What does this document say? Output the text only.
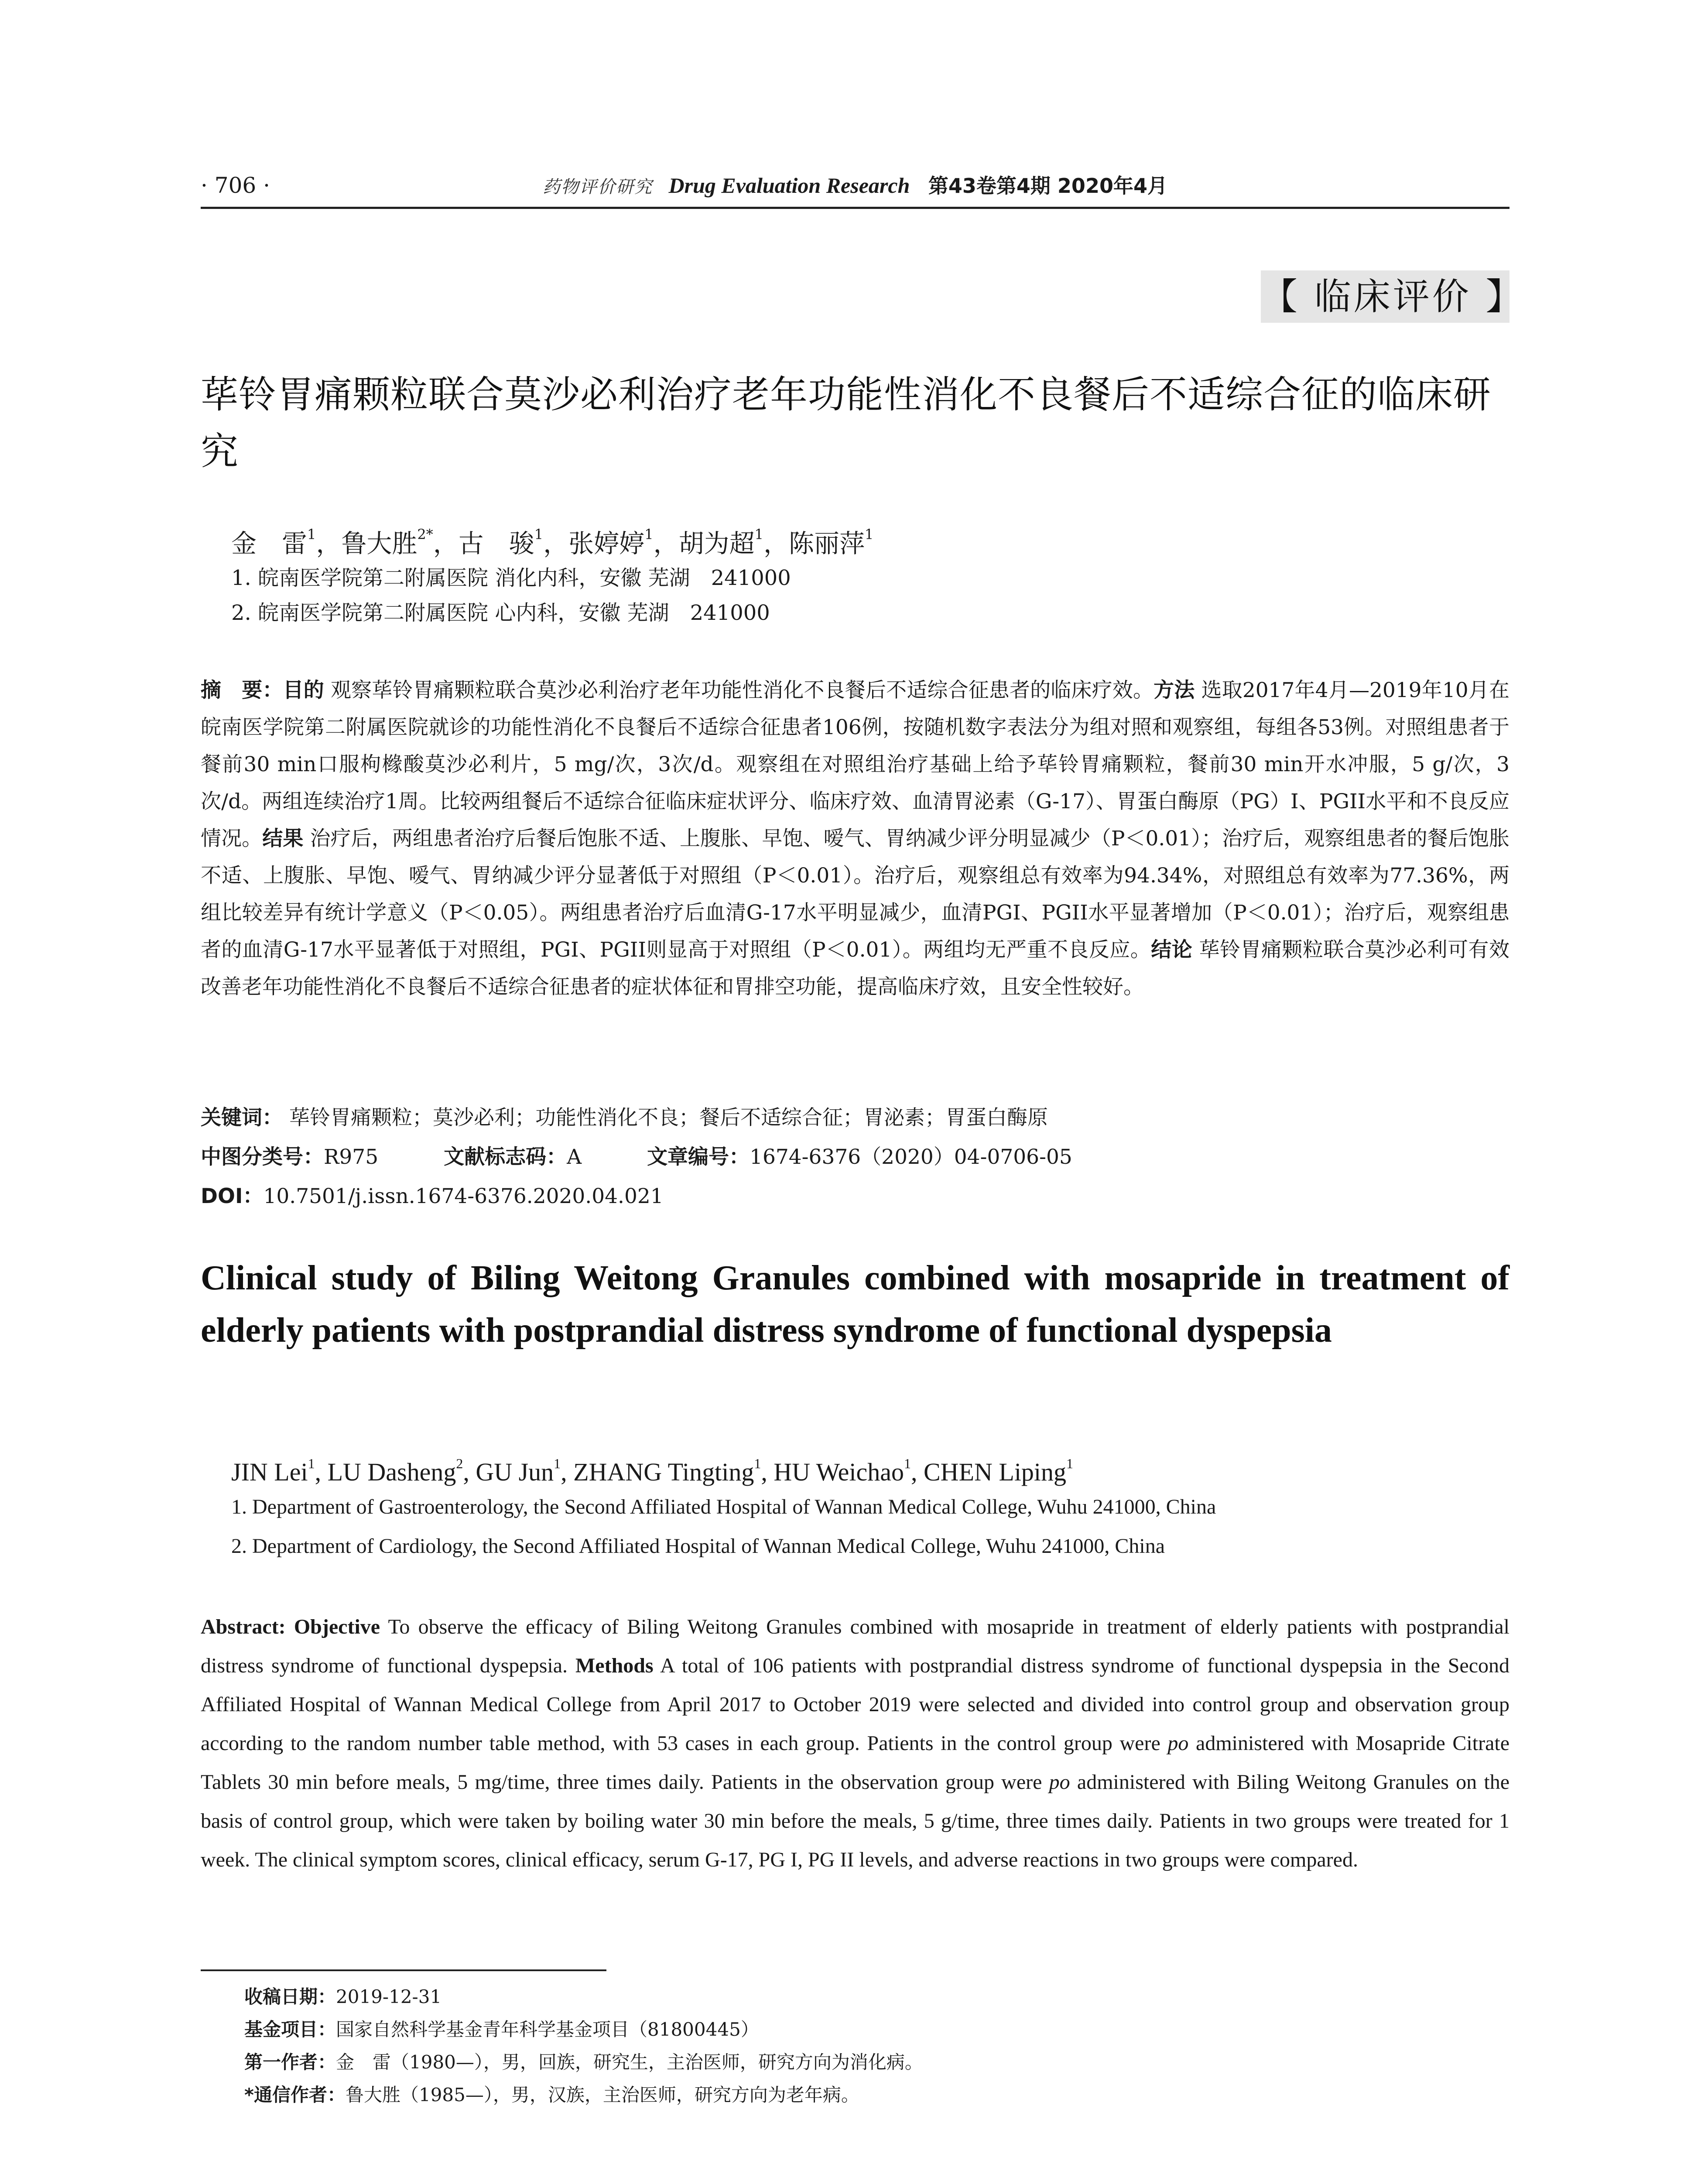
· 706 ·	药物评价研究 Drug Evaluation Research 第43卷第4期 2020年4月
【 临床评价 】
荜铃胃痛颗粒联合莫沙必利治疗老年功能性消化不良餐后不适综合征的临床研究
金　雷$^1$，鲁大胜$^{2*}$，古　骏$^1$，张婷婷$^1$，胡为超$^1$，陈丽萍$^1$
1. 皖南医学院第二附属医院 消化内科，安徽 芜湖　241000
2. 皖南医学院第二附属医院 心内科，安徽 芜湖　241000
摘　要：目的 观察荜铃胃痛颗粒联合莫沙必利治疗老年功能性消化不良餐后不适综合征患者的临床疗效。方法 选取2017年4月—2019年10月在皖南医学院第二附属医院就诊的功能性消化不良餐后不适综合征患者106例，按随机数字表法分为组对照和观察组，每组各53例。对照组患者于餐前30 min口服枸橼酸莫沙必利片，5 mg/次，3次/d。观察组在对照组治疗基础上给予荜铃胃痛颗粒，餐前30 min开水冲服，5 g/次，3次/d。两组连续治疗1周。比较两组餐后不适综合征临床症状评分、临床疗效、血清胃泌素（G-17）、胃蛋白酶原（PG）I、PGII水平和不良反应情况。结果 治疗后，两组患者治疗后餐后饱胀不适、上腹胀、早饱、嗳气、胃纳减少评分明显减少（P＜0.01）；治疗后，观察组患者的餐后饱胀不适、上腹胀、早饱、嗳气、胃纳减少评分显著低于对照组（P＜0.01）。治疗后，观察组总有效率为94.34%，对照组总有效率为77.36%，两组比较差异有统计学意义（P＜0.05）。两组患者治疗后血清G-17水平明显减少，血清PGI、PGII水平显著增加（P＜0.01）；治疗后，观察组患者的血清G-17水平显著低于对照组，PGI、PGII则显高于对照组（P＜0.01）。两组均无严重不良反应。结论 荜铃胃痛颗粒联合莫沙必利可有效改善老年功能性消化不良餐后不适综合征患者的症状体征和胃排空功能，提高临床疗效，且安全性较好。
关键词： 荜铃胃痛颗粒；莫沙必利；功能性消化不良；餐后不适综合征；胃泌素；胃蛋白酶原
中图分类号：R975	文献标志码：A	文章编号：1674-6376（2020）04-0706-05
DOI：10.7501/j.issn.1674-6376.2020.04.021
Clinical study of Biling Weitong Granules combined with mosapride in treatment of elderly patients with postprandial distress syndrome of functional dyspepsia
JIN Lei$^1$, LU Dasheng$^2$, GU Jun$^1$, ZHANG Tingting$^1$, HU Weichao$^1$, CHEN Liping$^1$
1. Department of Gastroenterology, the Second Affiliated Hospital of Wannan Medical College, Wuhu 241000, China
2. Department of Cardiology, the Second Affiliated Hospital of Wannan Medical College, Wuhu 241000, China
Abstract: Objective To observe the efficacy of Biling Weitong Granules combined with mosapride in treatment of elderly patients with postprandial distress syndrome of functional dyspepsia. Methods A total of 106 patients with postprandial distress syndrome of functional dyspepsia in the Second Affiliated Hospital of Wannan Medical College from April 2017 to October 2019 were selected and divided into control group and observation group according to the random number table method, with 53 cases in each group. Patients in the control group were po administered with Mosapride Citrate Tablets 30 min before meals, 5 mg/time, three times daily. Patients in the observation group were po administered with Biling Weitong Granules on the basis of control group, which were taken by boiling water 30 min before the meals, 5 g/time, three times daily. Patients in two groups were treated for 1 week. The clinical symptom scores, clinical efficacy, serum G-17, PG I, PG II levels, and adverse reactions in two groups were compared.
收稿日期：2019-12-31
基金项目：国家自然科学基金青年科学基金项目（81800445）
第一作者：金　雷（1980—），男，回族，研究生，主治医师，研究方向为消化病。
*通信作者：鲁大胜（1985—），男，汉族，主治医师，研究方向为老年病。
